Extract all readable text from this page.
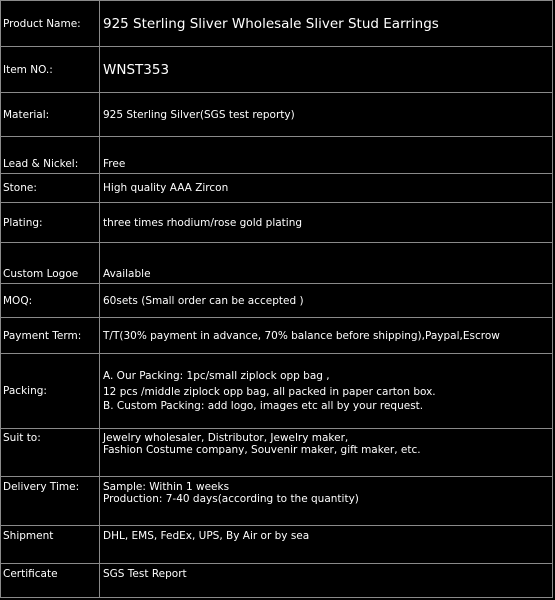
Product Name:	925 Sterling Sliver Wholesale Sliver Stud Earrings

Item NO.:	WNST353

Material:	925 Sterling Silver(SGS test reporty)

Lead & Nickel:	Free

Stone:	High quality AAA Zircon

Plating:	three times rhodium/rose gold plating

Custom Logoe	Available

MOQ:	60sets (Small order can be accepted )

Payment Term:	T/T(30% payment in advance, 70% balance before shipping),Paypal,Escrow

Packing:	A. Our Packing: 1pc/small ziplock opp bag ,
12 pcs /middle ziplock opp bag, all packed in paper carton box.
B. Custom Packing: add logo, images etc all by your request.

Suit to:	Jewelry wholesaler, Distributor, Jewelry maker,
Fashion Costume company, Souvenir maker, gift maker, etc.

Delivery Time:	Sample: Within 1 weeks
Production: 7-40 days(according to the quantity)

Shipment	DHL, EMS, FedEx, UPS, By Air or by sea

Certificate	SGS Test Report
